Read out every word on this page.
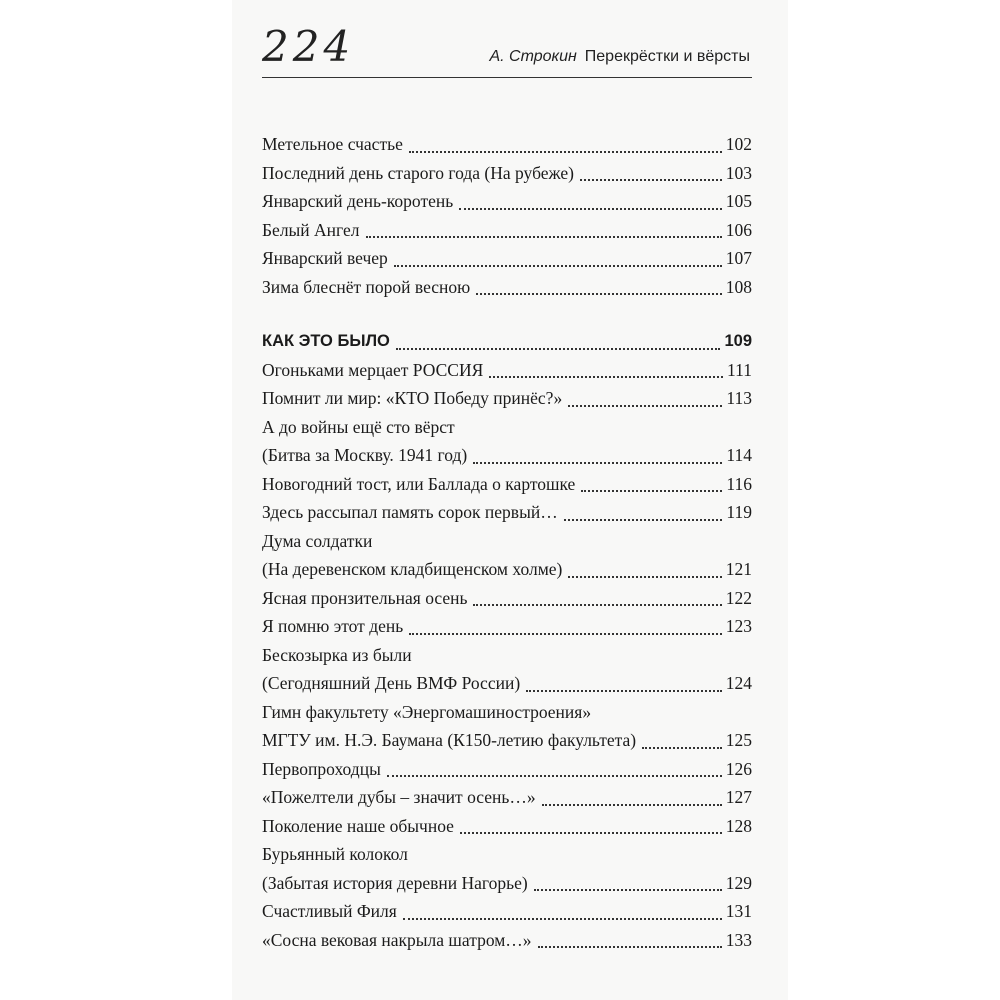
224	А. Строкин Перекрёстки и вёрсты
Метельное счастье	102
Последний день старого года (На рубеже)	103
Январский день-коротень	105
Белый Ангел	106
Январский вечер	107
Зима блеснёт порой весною	108
КАК ЭТО БЫЛО	109
Огоньками мерцает РОССИЯ	111
Помнит ли мир: «КТО Победу принёс?»	113
А до войны ещё сто вёрст
(Битва за Москву. 1941 год)	114
Новогодний тост, или Баллада о картошке	116
Здесь рассыпал память сорок первый…	119
Дума солдатки
(На деревенском кладбищенском холме)	121
Ясная пронзительная осень	122
Я помню этот день	123
Бескозырка из были
(Сегодняшний День ВМФ России)	124
Гимн факультету «Энергомашиностроения»
МГТУ им. Н.Э. Баумана (К150-летию факультета)	125
Первопроходцы	126
«Пожелтели дубы – значит осень…»	127
Поколение наше обычное	128
Бурьянный колокол
(Забытая история деревни Нагорье)	129
Счастливый Филя	131
«Сосна вековая накрыла шатром…»	133
